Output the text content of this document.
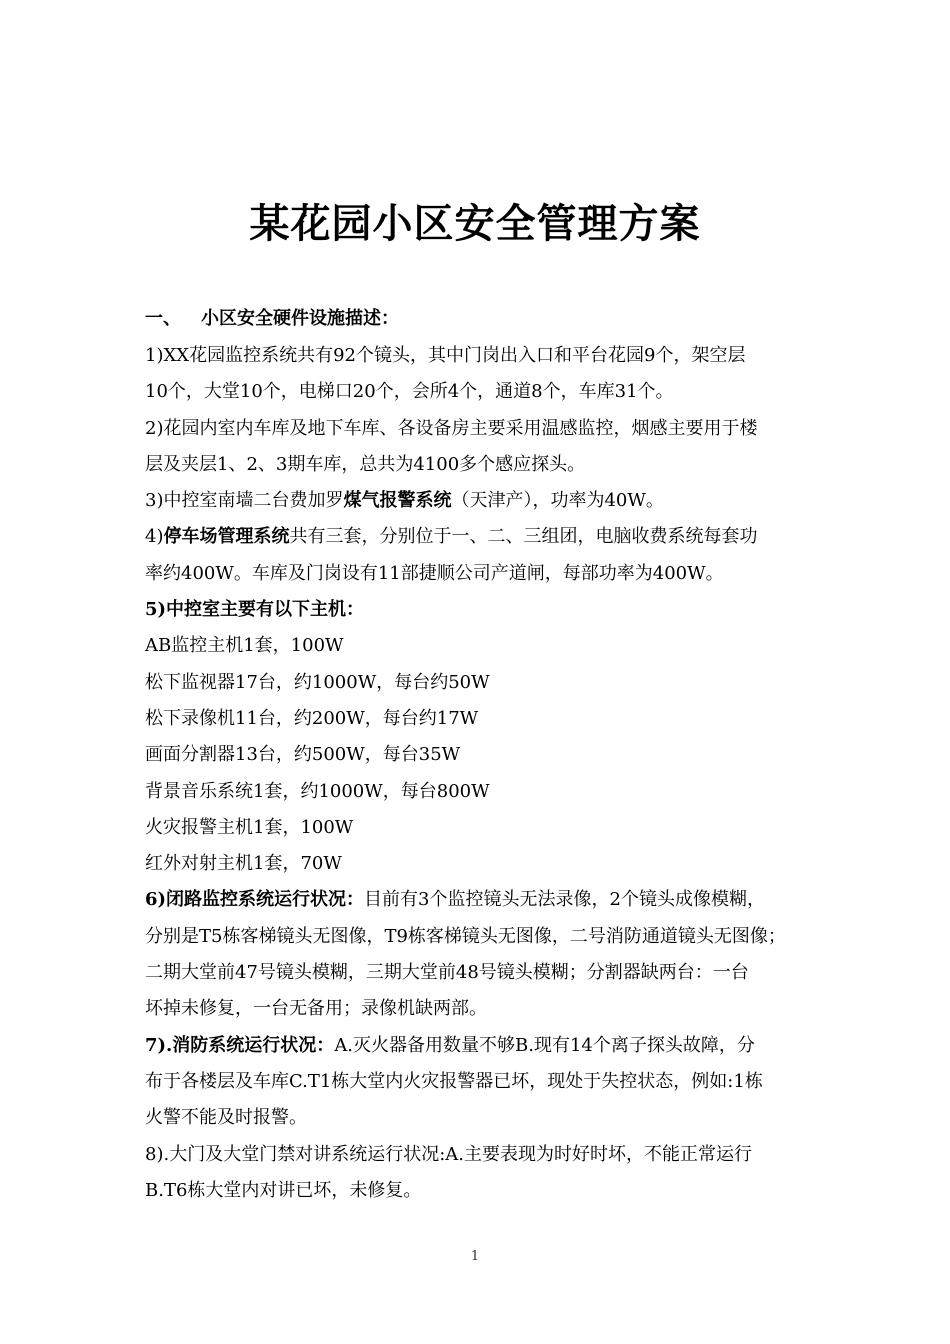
某花园小区安全管理方案
一、 小区安全硬件设施描述：
1)XX花园监控系统共有92个镜头，其中门岗出入口和平台花园9个，架空层
10个，大堂10个，电梯口20个，会所4个，通道8个，车库31个。
2)花园内室内车库及地下车库、各设备房主要采用温感监控，烟感主要用于楼
层及夹层1、2、3期车库，总共为4100多个感应探头。
3)中控室南墙二台费加罗煤气报警系统（天津产），功率为40W。
4)停车场管理系统共有三套，分别位于一、二、三组团，电脑收费系统每套功
率约400W。车库及门岗设有11部捷顺公司产道闸，每部功率为400W。
5)中控室主要有以下主机：
AB监控主机1套，100W
松下监视器17台，约1000W，每台约50W
松下录像机11台，约200W，每台约17W
画面分割器13台，约500W，每台35W
背景音乐系统1套，约1000W，每台800W
火灾报警主机1套，100W
红外对射主机1套，70W
6)闭路监控系统运行状况：目前有3个监控镜头无法录像，2个镜头成像模糊，
分别是T5栋客梯镜头无图像，T9栋客梯镜头无图像，二号消防通道镜头无图像；
二期大堂前47号镜头模糊，三期大堂前48号镜头模糊；分割器缺两台：一台
坏掉未修复，一台无备用；录像机缺两部。
7).消防系统运行状况：A.灭火器备用数量不够B.现有14个离子探头故障，分
布于各楼层及车库C.T1栋大堂内火灾报警器已坏，现处于失控状态，例如:1栋
火警不能及时报警。
8).大门及大堂门禁对讲系统运行状况:A.主要表现为时好时坏，不能正常运行
B.T6栋大堂内对讲已坏，未修复。
1
